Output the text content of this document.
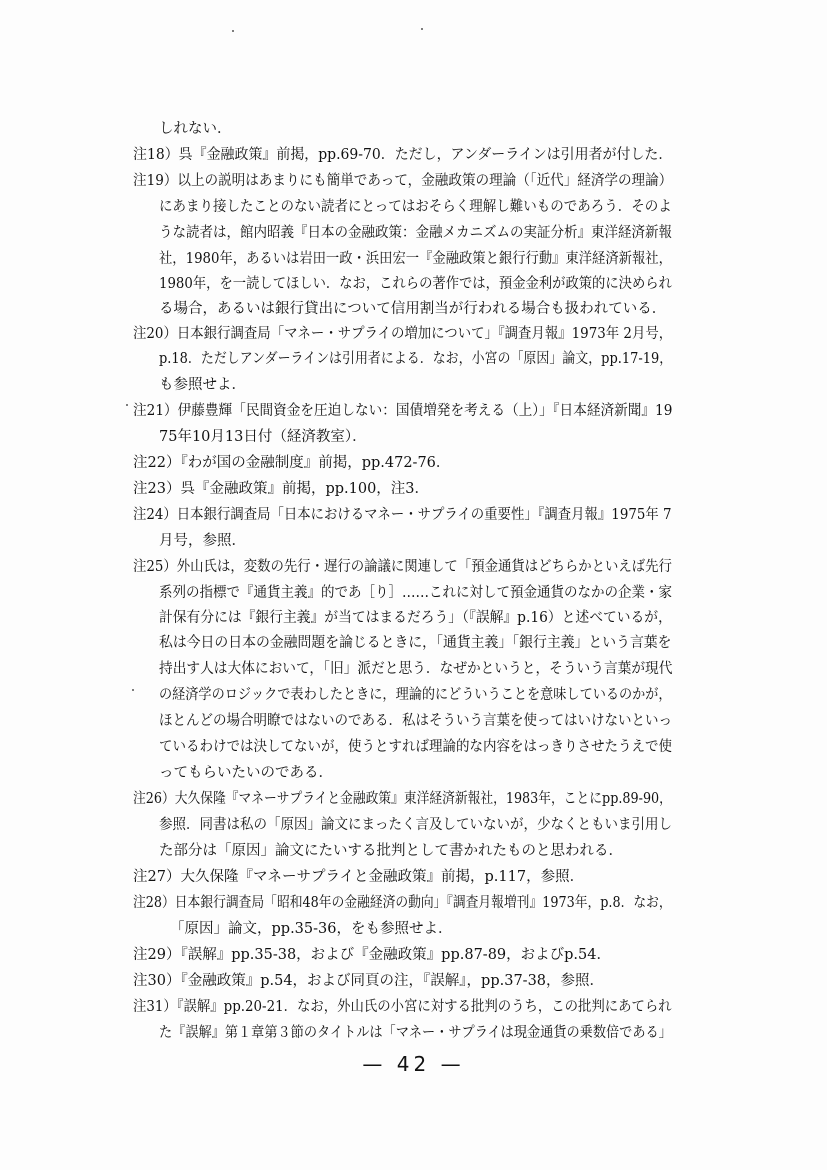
しれない．
注18）呉『金融政策』前掲，pp.69-70．ただし，アンダーラインは引用者が付した．
注19）以上の説明はあまりにも簡単であって，金融政策の理論（「近代」経済学の理論）
にあまり接したことのない読者にとってはおそらく理解し難いものであろう．そのよ
うな読者は，館内昭義『日本の金融政策：金融メカニズムの実証分析』東洋経済新報
社，1980年，あるいは岩田一政・浜田宏一『金融政策と銀行行動』東洋経済新報社，
1980年，を一読してほしい．なお，これらの著作では，預金金利が政策的に決められ
る場合，あるいは銀行貸出について信用割当が行われる場合も扱われている．
注20）日本銀行調査局「マネー・サプライの増加について」『調査月報』1973年 2月号，
p.18．ただしアンダーラインは引用者による．なお，小宮の「原因」論文，pp.17-19，
も参照せよ．
注21）伊藤豊輝「民間資金を圧迫しない：国債増発を考える（上）」『日本経済新聞』19
75年10月13日付（経済教室）．
注22）『わが国の金融制度』前掲，pp.472-76．
注23）呉『金融政策』前掲，pp.100，注3．
注24）日本銀行調査局「日本におけるマネー・サプライの重要性」『調査月報』1975年 7
月号，参照．
注25）外山氏は，変数の先行・遅行の論議に関連して「預金通貨はどちらかといえば先行
系列の指標で『通貨主義』的であ［り］……これに対して預金通貨のなかの企業・家
計保有分には『銀行主義』が当てはまるだろう」（『誤解』p.16）と述べているが，
私は今日の日本の金融問題を論じるときに，「通貨主義」「銀行主義」という言葉を
持出す人は大体において，「旧」派だと思う．なぜかというと，そういう言葉が現代
の経済学のロジックで表わしたときに，理論的にどういうことを意味しているのかが，
ほとんどの場合明瞭ではないのである．私はそういう言葉を使ってはいけないといっ
ているわけでは決してないが，使うとすれば理論的な内容をはっきりさせたうえで使
ってもらいたいのである．
注26）大久保隆『マネーサプライと金融政策』東洋経済新報社，1983年，ことにpp.89-90，
参照．同書は私の「原因」論文にまったく言及していないが，少なくともいま引用し
た部分は「原因」論文にたいする批判として書かれたものと思われる．
注27）大久保隆『マネーサプライと金融政策』前掲，p.117，参照．
注28）日本銀行調査局「昭和48年の金融経済の動向」『調査月報増刊』1973年，p.8．なお，
「原因」論文，pp.35-36，をも参照せよ．
注29）『誤解』pp.35-38，および『金融政策』pp.87-89，およびp.54．
注30）『金融政策』p.54，および同頁の注，『誤解』，pp.37-38，参照．
注31）『誤解』pp.20-21．なお，外山氏の小宮に対する批判のうち，この批判にあてられ
た『誤解』第１章第３節のタイトルは「マネー・サプライは現金通貨の乗数倍である」
— 42 —
